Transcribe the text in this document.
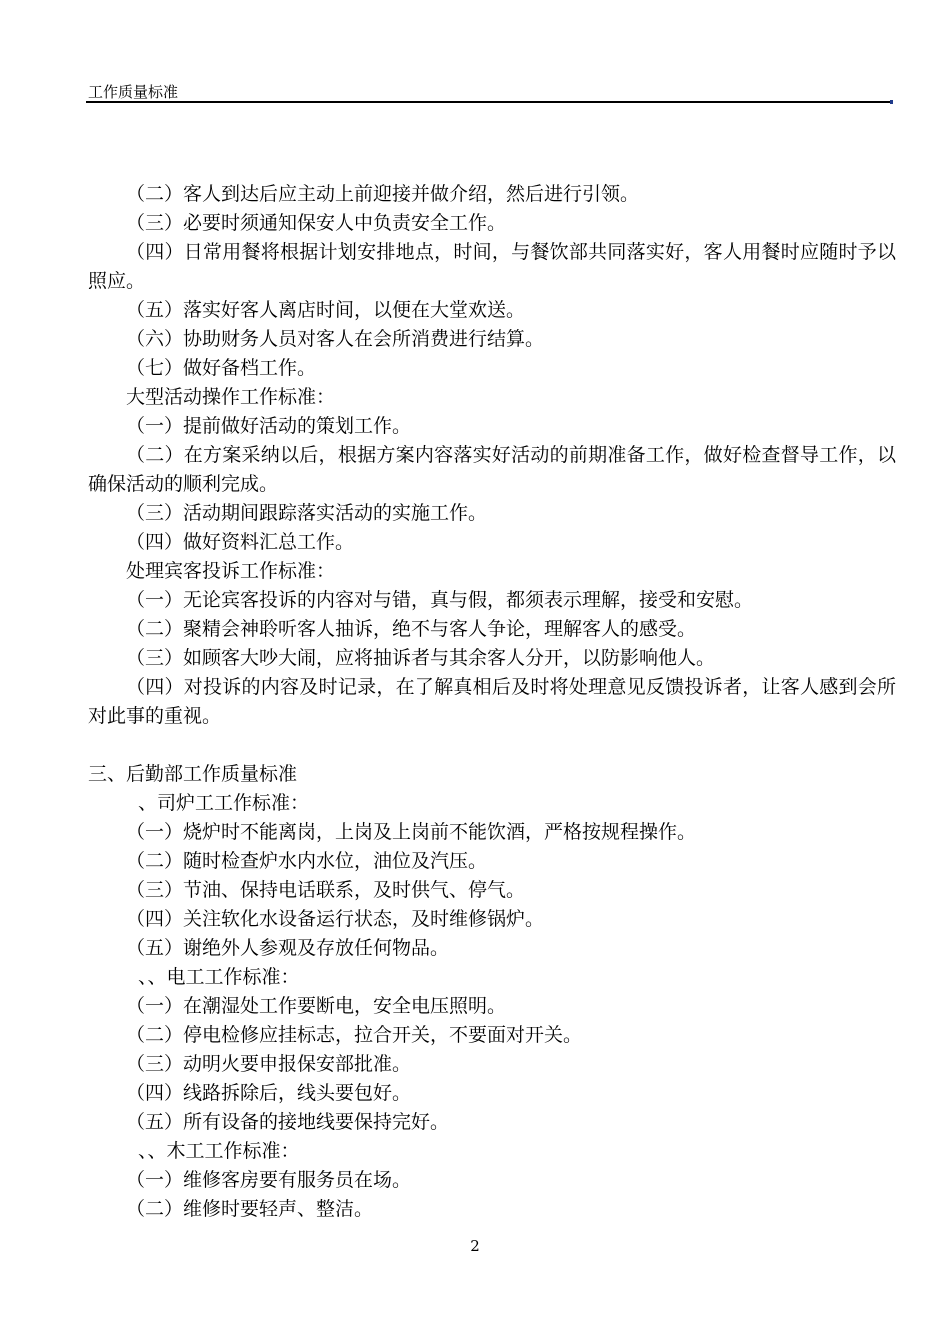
工作质量标准
（二）客人到达后应主动上前迎接并做介绍，然后进行引领。
（三）必要时须通知保安人中负责安全工作。
（四）日常用餐将根据计划安排地点，时间，与餐饮部共同落实好，客人用餐时应随时予以照应。
（五）落实好客人离店时间，以便在大堂欢送。
（六）协助财务人员对客人在会所消费进行结算。
（七）做好备档工作。
大型活动操作工作标准：
（一）提前做好活动的策划工作。
（二）在方案采纳以后，根据方案内容落实好活动的前期准备工作，做好检查督导工作，以确保活动的顺利完成。
（三）活动期间跟踪落实活动的实施工作。
（四）做好资料汇总工作。
处理宾客投诉工作标准：
（一）无论宾客投诉的内容对与错，真与假，都须表示理解，接受和安慰。
（二）聚精会神聆听客人抽诉，绝不与客人争论，理解客人的感受。
（三）如顾客大吵大闹，应将抽诉者与其余客人分开，以防影响他人。
（四）对投诉的内容及时记录，在了解真相后及时将处理意见反馈投诉者，让客人感到会所对此事的重视。
三、后勤部工作质量标准
、司炉工工作标准：
（一）烧炉时不能离岗，上岗及上岗前不能饮酒，严格按规程操作。
（二）随时检查炉水内水位，油位及汽压。
（三）节油、保持电话联系，及时供气、停气。
（四）关注软化水设备运行状态，及时维修锅炉。
（五）谢绝外人参观及存放任何物品。
、、电工工作标准：
（一）在潮湿处工作要断电，安全电压照明。
（二）停电检修应挂标志，拉合开关，不要面对开关。
（三）动明火要申报保安部批准。
（四）线路拆除后，线头要包好。
（五）所有设备的接地线要保持完好。
、、木工工作标准：
（一）维修客房要有服务员在场。
（二）维修时要轻声、整洁。
2
